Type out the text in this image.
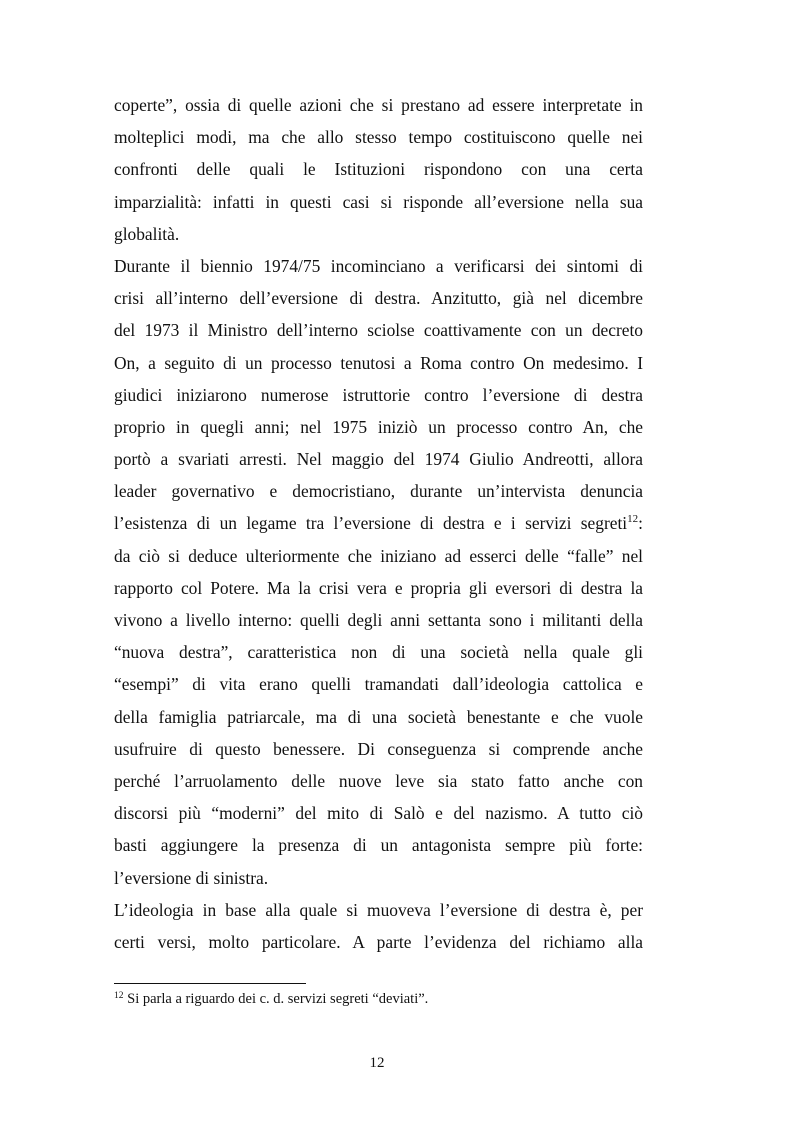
coperte”, ossia di quelle azioni che si prestano ad essere interpretate in
molteplici modi, ma che allo stesso tempo costituiscono quelle nei
confronti delle quali le Istituzioni rispondono con una certa
imparzialità: infatti in questi casi si risponde all’eversione nella sua
globalità.
Durante il biennio 1974/75 incominciano a verificarsi dei sintomi di
crisi all’interno dell’eversione di destra. Anzitutto, già nel dicembre
del 1973 il Ministro dell’interno sciolse coattivamente con un decreto
On, a seguito di un processo tenutosi a Roma contro On medesimo. I
giudici iniziarono numerose istruttorie contro l’eversione di destra
proprio in quegli anni; nel 1975 iniziò un processo contro An, che
portò a svariati arresti. Nel maggio del 1974 Giulio Andreotti, allora
leader governativo e democristiano, durante un’intervista denuncia
l’esistenza di un legame tra l’eversione di destra e i servizi segreti$^{12}$:
da ciò si deduce ulteriormente che iniziano ad esserci delle “falle” nel
rapporto col Potere. Ma la crisi vera e propria gli eversori di destra la
vivono a livello interno: quelli degli anni settanta sono i militanti della
“nuova destra”, caratteristica non di una società nella quale gli
“esempi” di vita erano quelli tramandati dall’ideologia cattolica e
della famiglia patriarcale, ma di una società benestante e che vuole
usufruire di questo benessere. Di conseguenza si comprende anche
perché l’arruolamento delle nuove leve sia stato fatto anche con
discorsi più “moderni” del mito di Salò e del nazismo. A tutto ciò
basti aggiungere la presenza di un antagonista sempre più forte:
l’eversione di sinistra.
L’ideologia in base alla quale si muoveva l’eversione di destra è, per
certi versi, molto particolare. A parte l’evidenza del richiamo alla
$^{12}$ Si parla a riguardo dei c. d. servizi segreti “deviati”.
12
